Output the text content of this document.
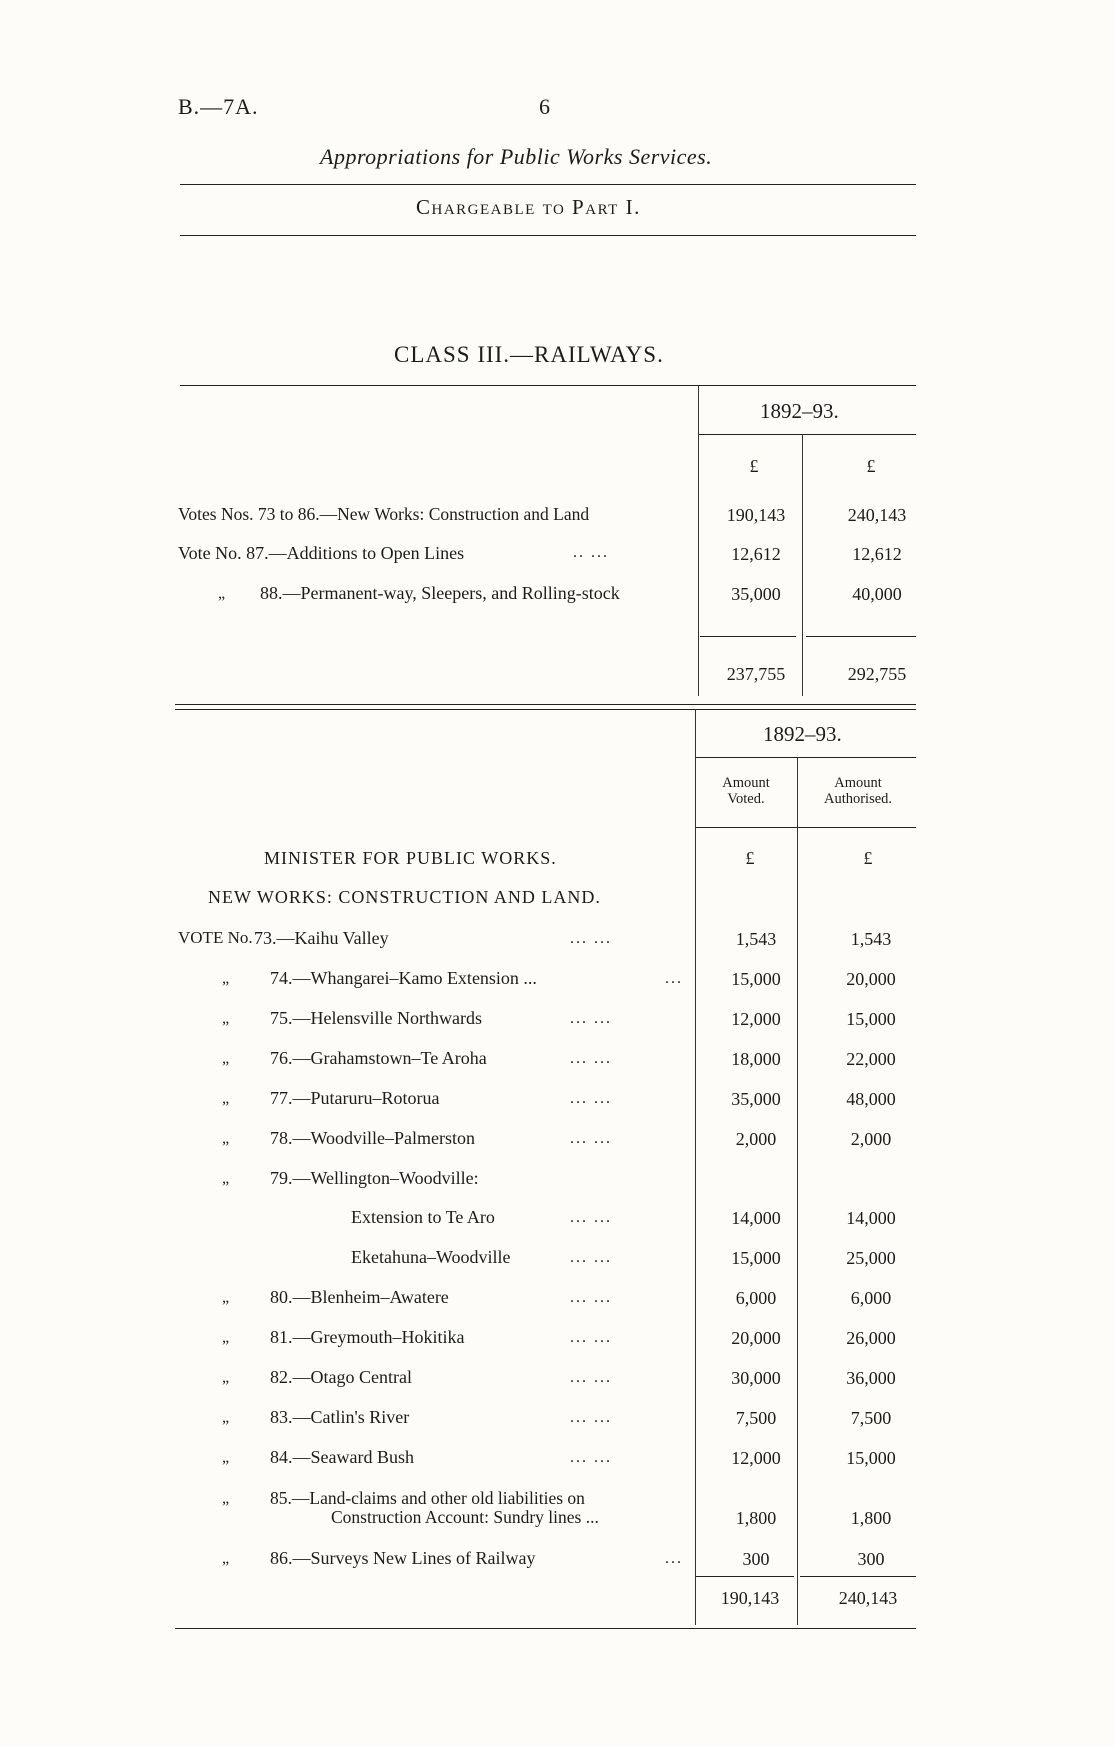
B.—7A.	6
Appropriations for Public Works Services.
Chargeable to Part I.
CLASS III.—RAILWAYS.
1892–93.
£	£
Votes Nos. 73 to 86.—New Works: Construction and Land	190,143	240,143
Vote No. 87.—Additions to Open Lines	.. ...	12,612	12,612
„ 88.—Permanent-way, Sleepers, and Rolling-stock	35,000	40,000
237,755	292,755
1892–93.
Amount
Voted.
Amount
Authorised.
MINISTER FOR PUBLIC WORKS.	£	£
NEW WORKS: CONSTRUCTION AND LAND.
VOTE No. 73.—Kaihu Valley	... ...	1,543	1,543
„ 74.—Whangarei–Kamo Extension ...	...	15,000	20,000
„ 75.—Helensville Northwards	... ...	12,000	15,000
„ 76.—Grahamstown–Te Aroha	... ...	18,000	22,000
„ 77.—Putaruru–Rotorua	... ...	35,000	48,000
„ 78.—Woodville–Palmerston	... ...	2,000	2,000
„ 79.—Wellington–Woodville:
Extension to Te Aro	... ...	14,000	14,000
Eketahuna–Woodville	... ...	15,000	25,000
„ 80.—Blenheim–Awatere	... ...	6,000	6,000
„ 81.—Greymouth–Hokitika	... ...	20,000	26,000
„ 82.—Otago Central	... ...	30,000	36,000
„ 83.—Catlin's River	... ...	7,500	7,500
„ 84.—Seaward Bush	... ...	12,000	15,000
„ 85.—Land-claims and other old liabilities on
Construction Account: Sundry lines ...	1,800	1,800
„ 86.—Surveys New Lines of Railway	...	300	300
190,143	240,143
